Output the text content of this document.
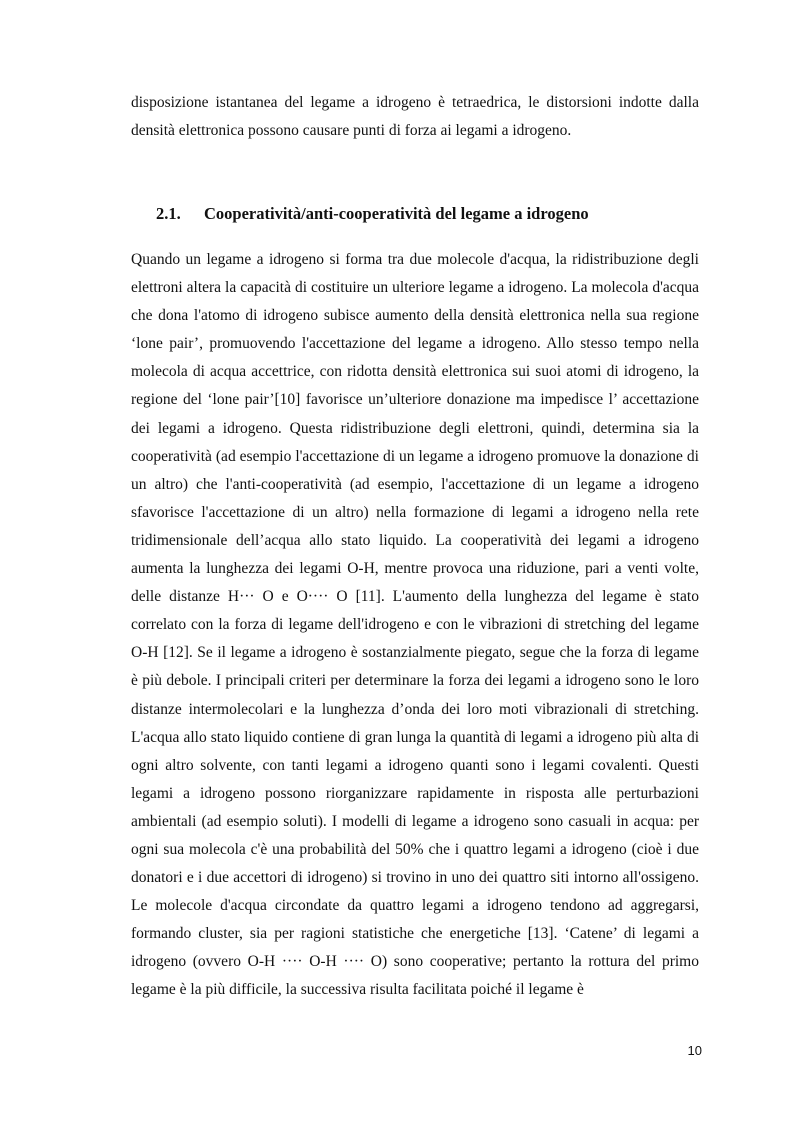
disposizione istantanea del legame a idrogeno è tetraedrica, le distorsioni indotte dalla densità elettronica possono causare punti di forza ai legami a idrogeno.

2.1. Cooperatività/anti-cooperatività del legame a idrogeno

Quando un legame a idrogeno si forma tra due molecole d'acqua, la ridistribuzione degli elettroni altera la capacità di costituire un ulteriore legame a idrogeno. La molecola d'acqua che dona l'atomo di idrogeno subisce aumento della densità elettronica nella sua regione ‘lone pair’, promuovendo l'accettazione del legame a idrogeno. Allo stesso tempo nella molecola di acqua accettrice, con ridotta densità elettronica sui suoi atomi di idrogeno, la regione del ‘lone pair’[10] favorisce un’ulteriore donazione ma impedisce l’ accettazione dei legami a idrogeno. Questa ridistribuzione degli elettroni, quindi, determina sia la cooperatività (ad esempio l'accettazione di un legame a idrogeno promuove la donazione di un altro) che l'anti-cooperatività (ad esempio, l'accettazione di un legame a idrogeno sfavorisce l'accettazione di un altro) nella formazione di legami a idrogeno nella rete tridimensionale dell’acqua allo stato liquido. La cooperatività dei legami a idrogeno aumenta la lunghezza dei legami O-H, mentre provoca una riduzione, pari a venti volte, delle distanze H··· O e O···· O [11]. L'aumento della lunghezza del legame è stato correlato con la forza di legame dell'idrogeno e con le vibrazioni di stretching del legame O-H [12]. Se il legame a idrogeno è sostanzialmente piegato, segue che la forza di legame è più debole. I principali criteri per determinare la forza dei legami a idrogeno sono le loro distanze intermolecolari e la lunghezza d’onda dei loro moti vibrazionali di stretching. L'acqua allo stato liquido contiene di gran lunga la quantità di legami a idrogeno più alta di ogni altro solvente, con tanti legami a idrogeno quanti sono i legami covalenti. Questi legami a idrogeno possono riorganizzare rapidamente in risposta alle perturbazioni ambientali (ad esempio soluti). I modelli di legame a idrogeno sono casuali in acqua: per ogni sua molecola c'è una probabilità del 50% che i quattro legami a idrogeno (cioè i due donatori e i due accettori di idrogeno) si trovino in uno dei quattro siti intorno all'ossigeno. Le molecole d'acqua circondate da quattro legami a idrogeno tendono ad aggregarsi, formando cluster, sia per ragioni statistiche che energetiche [13]. ‘Catene’ di legami a idrogeno (ovvero O-H ···· O-H ···· O) sono cooperative; pertanto la rottura del primo legame è la più difficile, la successiva risulta facilitata poiché il legame è

10
